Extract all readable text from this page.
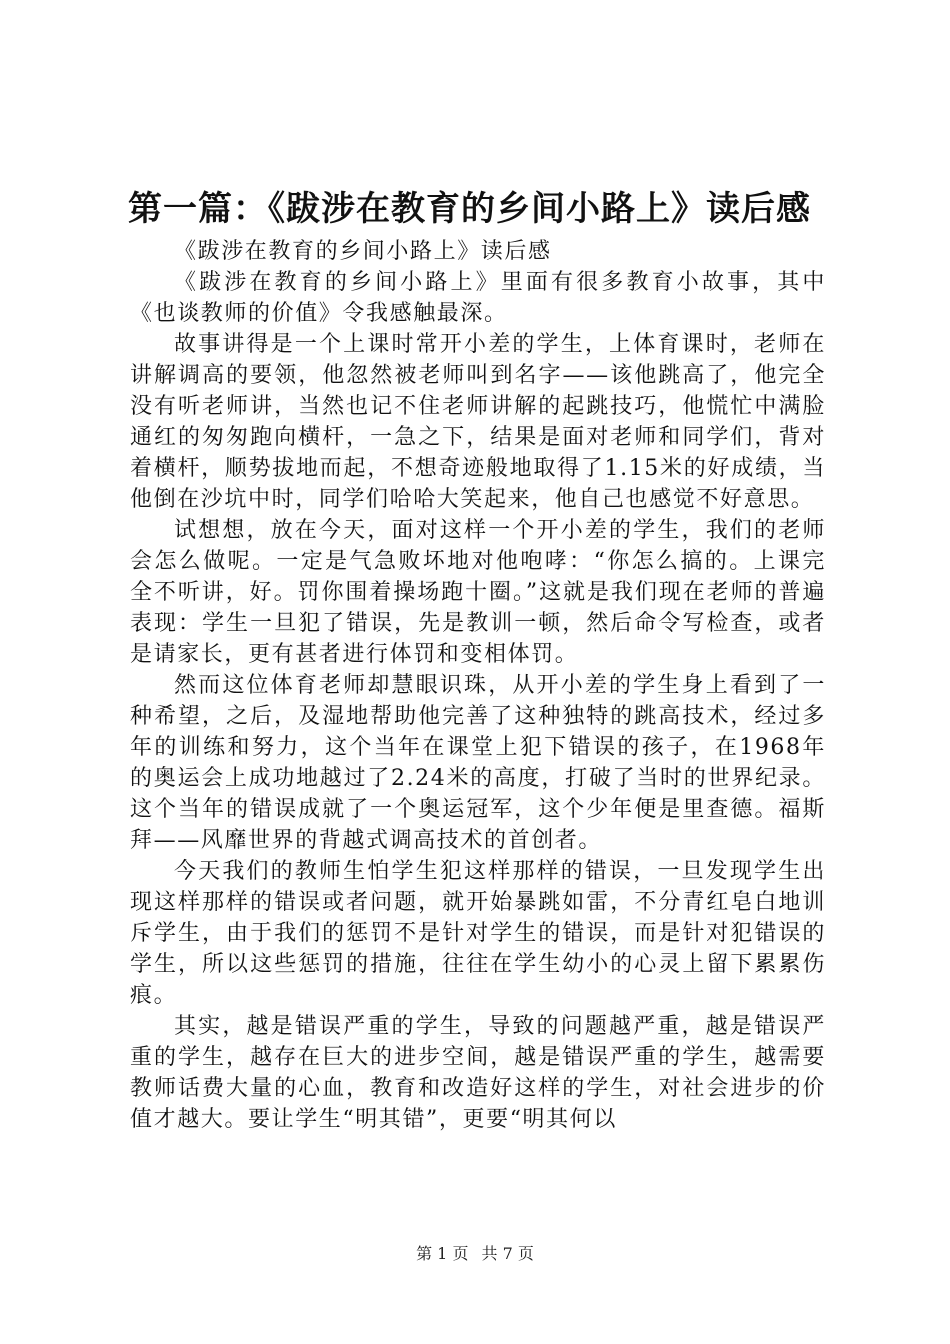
第一篇：《跋涉在教育的乡间小路上》读后感

《跋涉在教育的乡间小路上》读后感

《跋涉在教育的乡间小路上》里面有很多教育小故事，其中《也谈教师的价值》令我感触最深。

故事讲得是一个上课时常开小差的学生，上体育课时，老师在讲解调高的要领，他忽然被老师叫到名字——该他跳高了，他完全没有听老师讲，当然也记不住老师讲解的起跳技巧，他慌忙中满脸通红的匆匆跑向横杆，一急之下，结果是面对老师和同学们，背对着横杆，顺势拔地而起，不想奇迹般地取得了1.15米的好成绩，当他倒在沙坑中时，同学们哈哈大笑起来，他自己也感觉不好意思。

试想想，放在今天，面对这样一个开小差的学生，我们的老师会怎么做呢。一定是气急败坏地对他咆哮：“你怎么搞的。上课完全不听讲，好。罚你围着操场跑十圈。”这就是我们现在老师的普遍表现：学生一旦犯了错误，先是教训一顿，然后命令写检查，或者是请家长，更有甚者进行体罚和变相体罚。

然而这位体育老师却慧眼识珠，从开小差的学生身上看到了一种希望，之后，及湿地帮助他完善了这种独特的跳高技术，经过多年的训练和努力，这个当年在课堂上犯下错误的孩子，在1968年的奥运会上成功地越过了2.24米的高度，打破了当时的世界纪录。这个当年的错误成就了一个奥运冠军，这个少年便是里查德。福斯拜——风靡世界的背越式调高技术的首创者。

今天我们的教师生怕学生犯这样那样的错误，一旦发现学生出现这样那样的错误或者问题，就开始暴跳如雷，不分青红皂白地训斥学生，由于我们的惩罚不是针对学生的错误，而是针对犯错误的学生，所以这些惩罚的措施，往往在学生幼小的心灵上留下累累伤痕。

其实，越是错误严重的学生，导致的问题越严重，越是错误严重的学生，越存在巨大的进步空间，越是错误严重的学生，越需要教师话费大量的心血，教育和改造好这样的学生，对社会进步的价值才越大。要让学生“明其错”，更要“明其何以

第 1 页 共 7 页
